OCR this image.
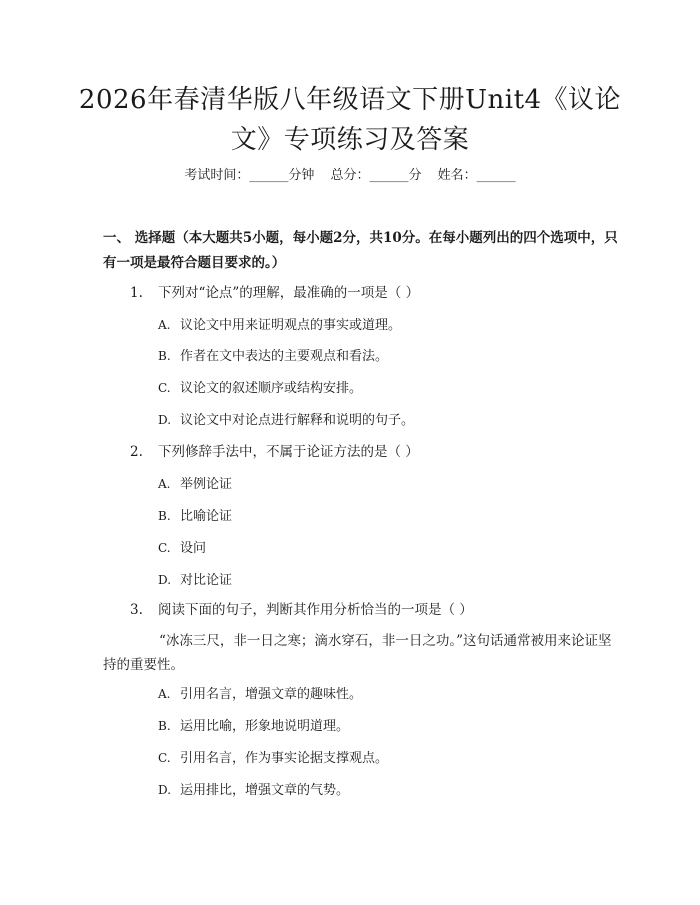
2026年春清华版八年级语文下册Unit4《议论文》专项练习及答案
考试时间：______分钟 总分：______分 姓名：______
一、 选择题（本大题共5小题，每小题2分，共10分。在每小题列出的四个选项中，只有一项是最符合题目要求的。）
1. 下列对“论点”的理解，最准确的一项是（ ）
A. 议论文中用来证明观点的事实或道理。
B. 作者在文中表达的主要观点和看法。
C. 议论文的叙述顺序或结构安排。
D. 议论文中对论点进行解释和说明的句子。
2. 下列修辞手法中，不属于论证方法的是（ ）
A. 举例论证
B. 比喻论证
C. 设问
D. 对比论证
3. 阅读下面的句子，判断其作用分析恰当的一项是（ ）
“冰冻三尺，非一日之寒；滴水穿石，非一日之功。”这句话通常被用来论证坚持的重要性。
A. 引用名言，增强文章的趣味性。
B. 运用比喻，形象地说明道理。
C. 引用名言，作为事实论据支撑观点。
D. 运用排比，增强文章的气势。
